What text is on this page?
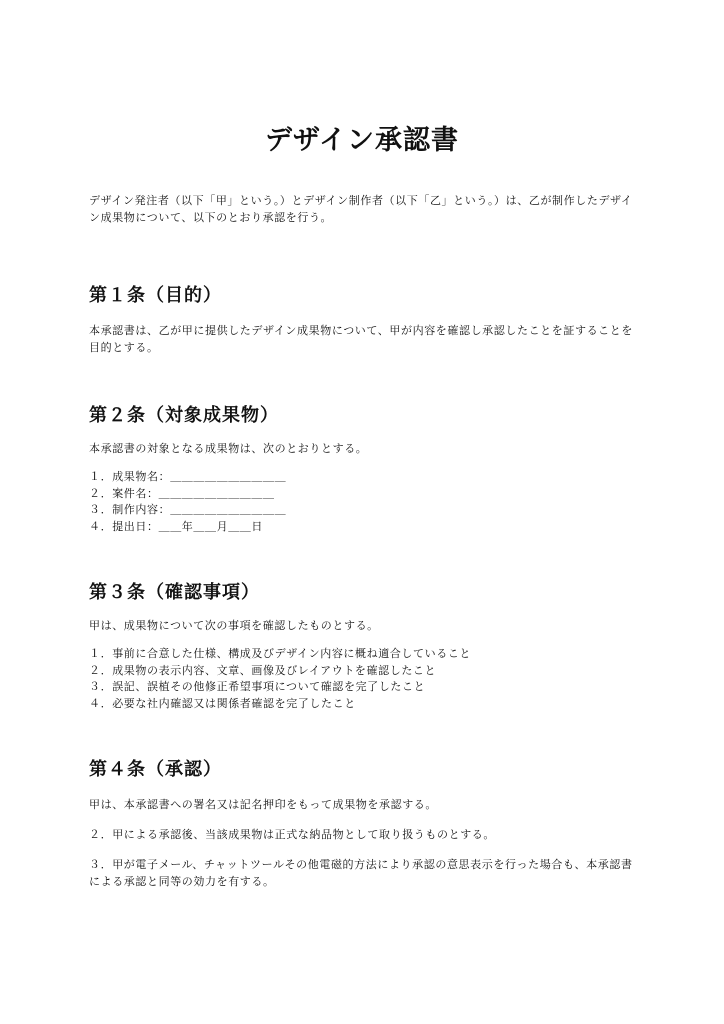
デザイン承認書

デザイン発注者（以下「甲」という。）とデザイン制作者（以下「乙」という。）は、乙が制作したデザイン成果物について、以下のとおり承認を行う。

第１条（目的）

本承認書は、乙が甲に提供したデザイン成果物について、甲が内容を確認し承認したことを証することを目的とする。

第２条（対象成果物）

本承認書の対象となる成果物は、次のとおりとする。

１．成果物名：＿＿＿＿＿＿＿＿＿＿
２．案件名：＿＿＿＿＿＿＿＿＿＿
３．制作内容：＿＿＿＿＿＿＿＿＿＿
４．提出日：＿＿年＿＿月＿＿日
第３条（確認事項）

甲は、成果物について次の事項を確認したものとする。

１．事前に合意した仕様、構成及びデザイン内容に概ね適合していること
２．成果物の表示内容、文章、画像及びレイアウトを確認したこと
３．誤記、誤植その他修正希望事項について確認を完了したこと
４．必要な社内確認又は関係者確認を完了したこと
第４条（承認）

甲は、本承認書への署名又は記名押印をもって成果物を承認する。

２．甲による承認後、当該成果物は正式な納品物として取り扱うものとする。

３．甲が電子メール、チャットツールその他電磁的方法により承認の意思表示を行った場合も、本承認書による承認と同等の効力を有する。
